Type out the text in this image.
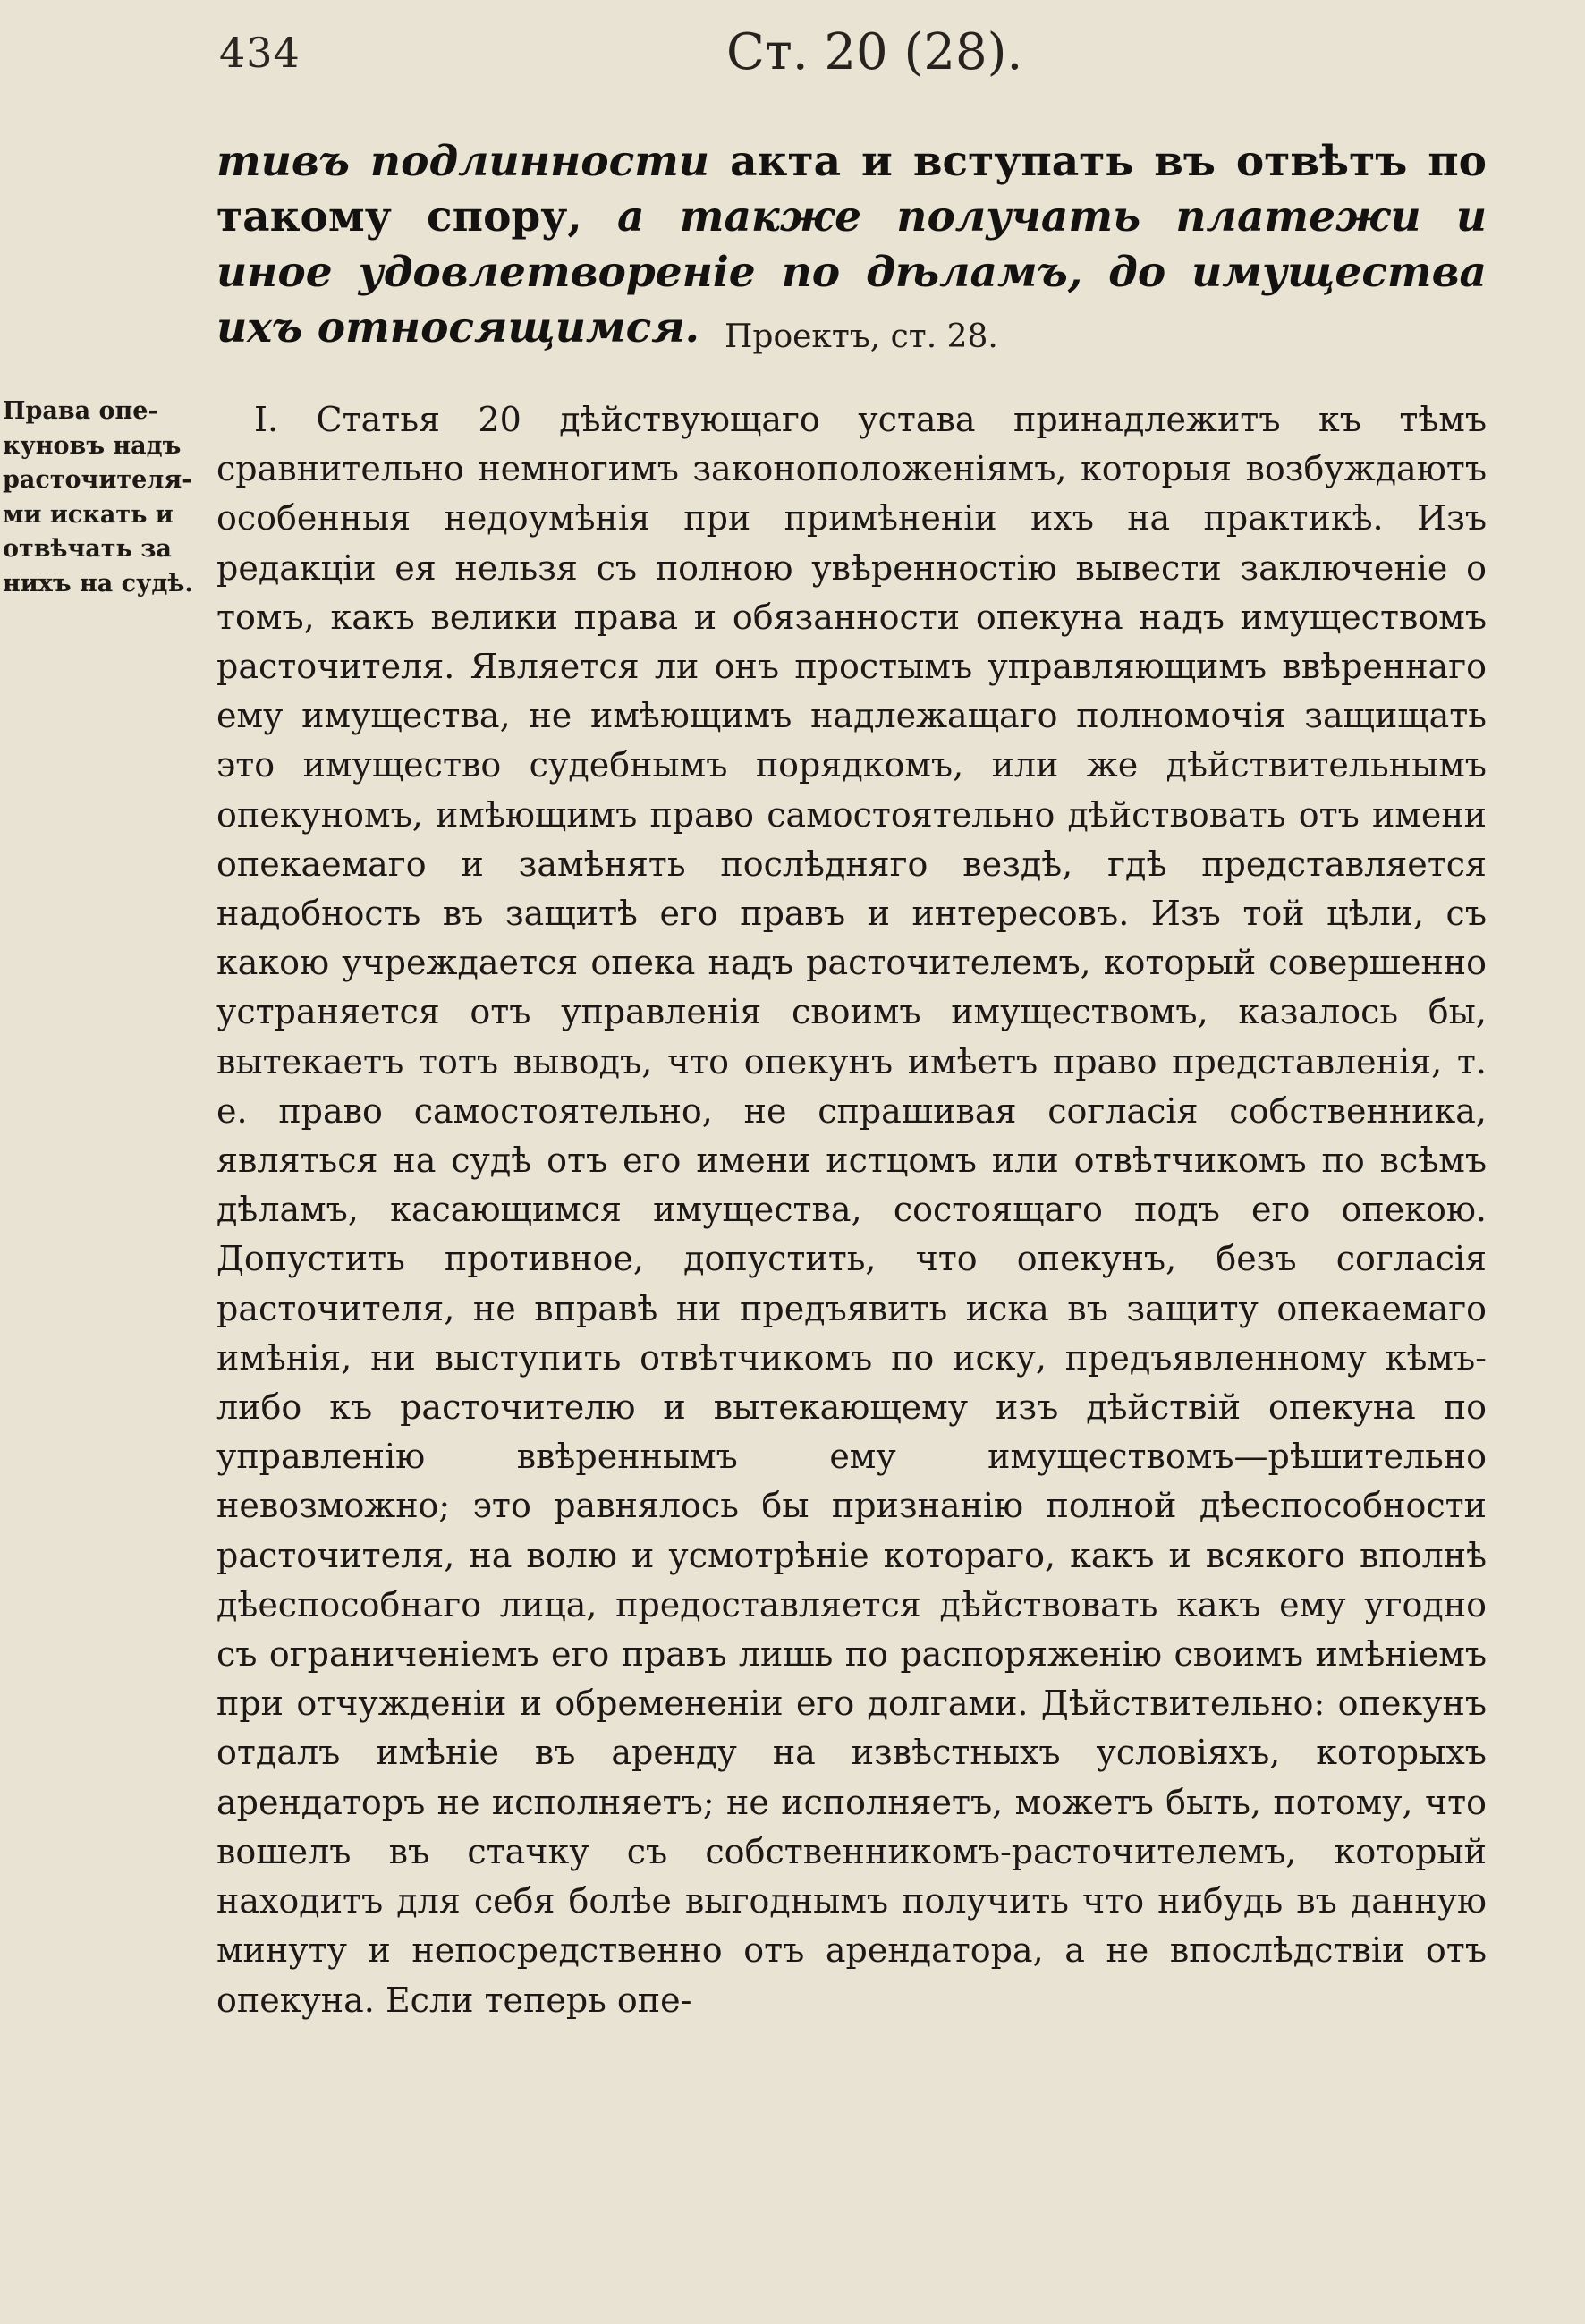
434	Ст. 20 (28).

тивъ подлинности акта и вступать въ отвѣтъ по такому спору, а также получать платежи и иное удовлетвореніе по дѣламъ, до имущества ихъ относящимся. Проектъ, ст. 28.
Права опе-
куновъ надъ
расточителя-
ми искать и
отвѣчать за
нихъ на судѣ.

I. Статья 20 дѣйствующаго устава принадлежитъ къ тѣмъ сравнительно немногимъ законоположеніямъ, которыя возбуждаютъ особенныя недоумѣнія при примѣненіи ихъ на практикѣ. Изъ редакціи ея нельзя съ полною увѣренностію вывести заключеніе о томъ, какъ велики права и обязанности опекуна надъ имуществомъ расточителя. Является ли онъ простымъ управляющимъ ввѣреннаго ему имущества, не имѣющимъ надлежащаго полномочія защищать это имущество судебнымъ порядкомъ, или же дѣйствительнымъ опекуномъ, имѣющимъ право самостоятельно дѣйствовать отъ имени опекаемаго и замѣнять послѣдняго вездѣ, гдѣ представляется надобность въ защитѣ его правъ и интересовъ. Изъ той цѣли, съ какою учреждается опека надъ расточителемъ, который совершенно устраняется отъ управленія своимъ имуществомъ, казалось бы, вытекаетъ тотъ выводъ, что опекунъ имѣетъ право представленія, т. е. право самостоятельно, не спрашивая согласія собственника, являться на судѣ отъ его имени истцомъ или отвѣтчикомъ по всѣмъ дѣламъ, касающимся имущества, состоящаго подъ его опекою. Допустить противное, допустить, что опекунъ, безъ согласія расточителя, не вправѣ ни предъявить иска въ защиту опекаемаго имѣнія, ни выступить отвѣтчикомъ по иску, предъявленному кѣмъ-либо къ расточителю и вытекающему изъ дѣйствій опекуна по управленію ввѣреннымъ ему имуществомъ—рѣшительно невозможно; это равнялось бы признанію полной дѣеспособности расточителя, на волю и усмотрѣніе котораго, какъ и всякого вполнѣ дѣеспособнаго лица, предоставляется дѣйствовать какъ ему угодно съ ограниченіемъ его правъ лишь по распоряженію своимъ имѣніемъ при отчужденіи и обремененіи его долгами. Дѣйствительно: опекунъ отдалъ имѣніе въ аренду на извѣстныхъ условіяхъ, которыхъ арендаторъ не исполняетъ; не исполняетъ, можетъ быть, потому, что вошелъ въ стачку съ собственникомъ-расточителемъ, который находитъ для себя болѣе выгоднымъ получить что нибудь въ данную минуту и непосредственно отъ арендатора, а не впослѣдствіи отъ опекуна. Если теперь опе-
